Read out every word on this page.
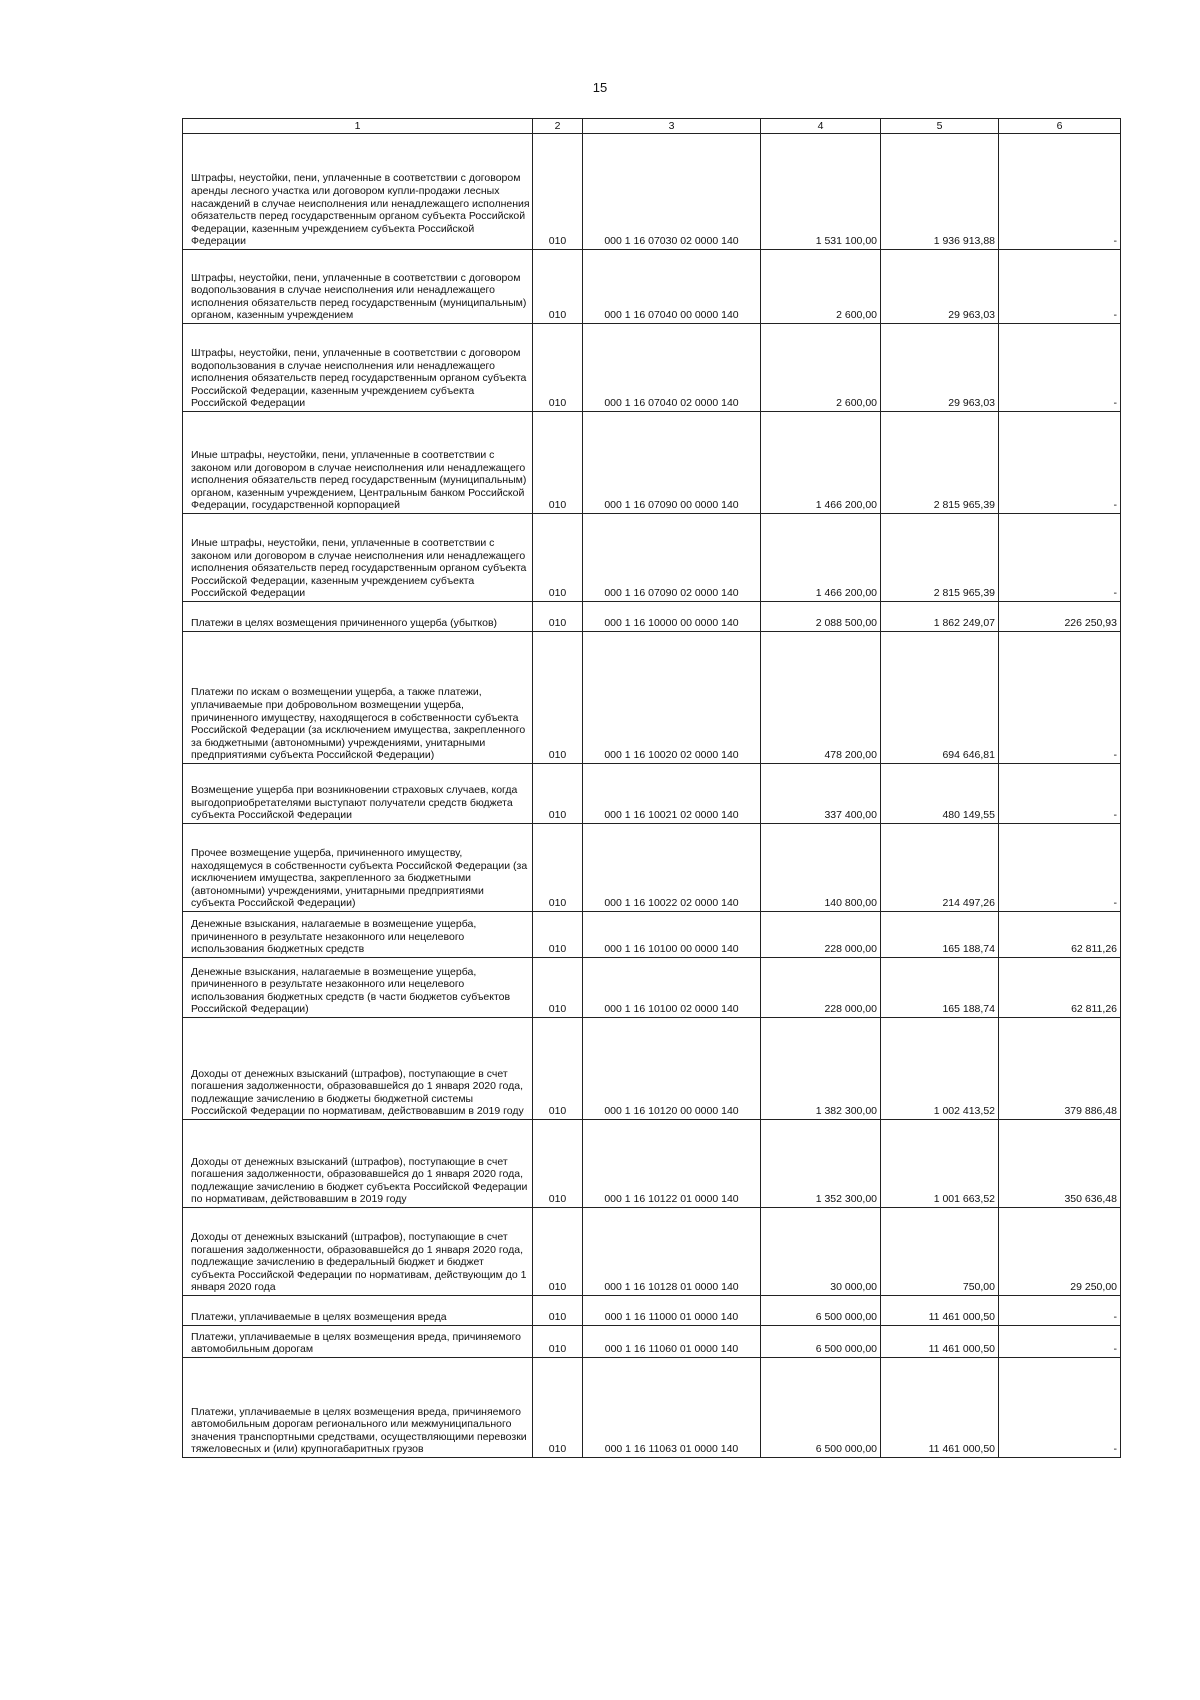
15
1	2	3	4	5	6
Штрафы, неустойки, пени, уплаченные в соответствии с договором аренды лесного участка или договором купли-продажи лесных насаждений в случае неисполнения или ненадлежащего исполнения обязательств перед государственным органом субъекта Российской Федерации, казенным учреждением субъекта Российской Федерации	010	000 1 16 07030 02 0000 140	1 531 100,00	1 936 913,88	-
Штрафы, неустойки, пени, уплаченные в соответствии с договором водопользования в случае неисполнения или ненадлежащего исполнения обязательств перед государственным (муниципальным) органом, казенным учреждением	010	000 1 16 07040 00 0000 140	2 600,00	29 963,03	-
Штрафы, неустойки, пени, уплаченные в соответствии с договором водопользования в случае неисполнения или ненадлежащего исполнения обязательств перед государственным органом субъекта Российской Федерации, казенным учреждением субъекта Российской Федерации	010	000 1 16 07040 02 0000 140	2 600,00	29 963,03	-
Иные штрафы, неустойки, пени, уплаченные в соответствии с законом или договором в случае неисполнения или ненадлежащего исполнения обязательств перед государственным (муниципальным) органом, казенным учреждением, Центральным банком Российской Федерации, государственной корпорацией	010	000 1 16 07090 00 0000 140	1 466 200,00	2 815 965,39	-
Иные штрафы, неустойки, пени, уплаченные в соответствии с законом или договором в случае неисполнения или ненадлежащего исполнения обязательств перед государственным органом субъекта Российской Федерации, казенным учреждением субъекта Российской Федерации	010	000 1 16 07090 02 0000 140	1 466 200,00	2 815 965,39	-
Платежи в целях возмещения причиненного ущерба (убытков)	010	000 1 16 10000 00 0000 140	2 088 500,00	1 862 249,07	226 250,93
Платежи по искам о возмещении ущерба, а также платежи, уплачиваемые при добровольном возмещении ущерба, причиненного имуществу, находящегося в собственности субъекта Российской Федерации (за исключением имущества, закрепленного за бюджетными (автономными) учреждениями, унитарными предприятиями субъекта Российской Федерации)	010	000 1 16 10020 02 0000 140	478 200,00	694 646,81	-
Возмещение ущерба при возникновении страховых случаев, когда выгодоприобретателями выступают получатели средств бюджета субъекта Российской Федерации	010	000 1 16 10021 02 0000 140	337 400,00	480 149,55	-
Прочее возмещение ущерба, причиненного имуществу, находящемуся в собственности субъекта Российской Федерации (за исключением имущества, закрепленного за бюджетными (автономными) учреждениями, унитарными предприятиями субъекта Российской Федерации)	010	000 1 16 10022 02 0000 140	140 800,00	214 497,26	-
Денежные взыскания, налагаемые в возмещение ущерба, причиненного в результате незаконного или нецелевого использования бюджетных средств	010	000 1 16 10100 00 0000 140	228 000,00	165 188,74	62 811,26
Денежные взыскания, налагаемые в возмещение ущерба, причиненного в результате незаконного или нецелевого использования бюджетных средств (в части бюджетов субъектов Российской Федерации)	010	000 1 16 10100 02 0000 140	228 000,00	165 188,74	62 811,26
Доходы от денежных взысканий (штрафов), поступающие в счет погашения задолженности, образовавшейся до 1 января 2020 года, подлежащие зачислению в бюджеты бюджетной системы Российской Федерации по нормативам, действовавшим в 2019 году	010	000 1 16 10120 00 0000 140	1 382 300,00	1 002 413,52	379 886,48
Доходы от денежных взысканий (штрафов), поступающие в счет погашения задолженности, образовавшейся до 1 января 2020 года, подлежащие зачислению в бюджет субъекта Российской Федерации по нормативам, действовавшим в 2019 году	010	000 1 16 10122 01 0000 140	1 352 300,00	1 001 663,52	350 636,48
Доходы от денежных взысканий (штрафов), поступающие в счет погашения задолженности, образовавшейся до 1 января 2020 года, подлежащие зачислению в федеральный бюджет и бюджет субъекта Российской Федерации по нормативам, действующим до 1 января 2020 года	010	000 1 16 10128 01 0000 140	30 000,00	750,00	29 250,00
Платежи, уплачиваемые в целях возмещения вреда	010	000 1 16 11000 01 0000 140	6 500 000,00	11 461 000,50	-
Платежи, уплачиваемые в целях возмещения вреда, причиняемого автомобильным дорогам	010	000 1 16 11060 01 0000 140	6 500 000,00	11 461 000,50	-
Платежи, уплачиваемые в целях возмещения вреда, причиняемого автомобильным дорогам регионального или межмуниципального значения транспортными средствами, осуществляющими перевозки тяжеловесных и (или) крупногабаритных грузов	010	000 1 16 11063 01 0000 140	6 500 000,00	11 461 000,50	-
